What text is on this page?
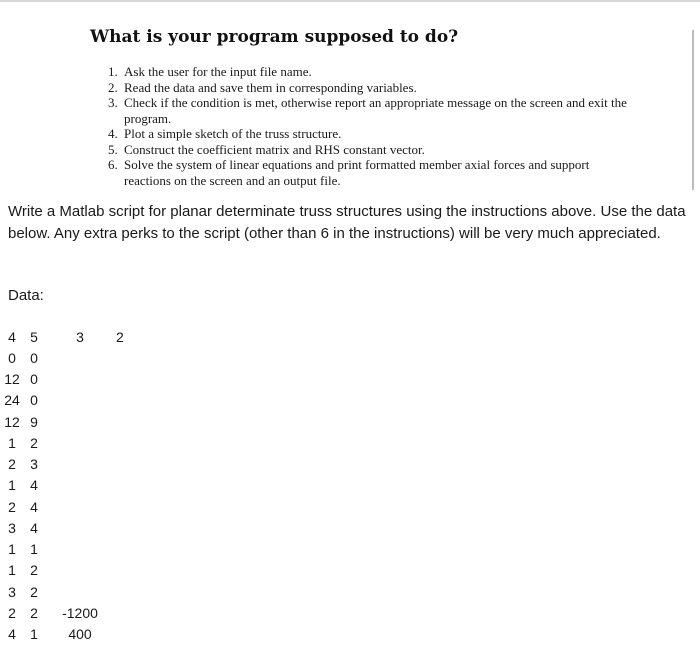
What is your program supposed to do?
1. Ask the user for the input file name.
2. Read the data and save them in corresponding variables.
3. Check if the condition is met, otherwise report an appropriate message on the screen and exit the program.
4. Plot a simple sketch of the truss structure.
5. Construct the coefficient matrix and RHS constant vector.
6. Solve the system of linear equations and print formatted member axial forces and support reactions on the screen and an output file.

Write a Matlab script for planar determinate truss structures using the instructions above. Use the data below. Any extra perks to the script (other than 6 in the instructions) will be very much appreciated.

Data:

4	5	3	2
0	0		
12	0		
24	0		
12	9		
1	2		
2	3		
1	4		
2	4		
3	4		
1	1		
1	2		
3	2		
2	2	-1200	
4	1	400	
